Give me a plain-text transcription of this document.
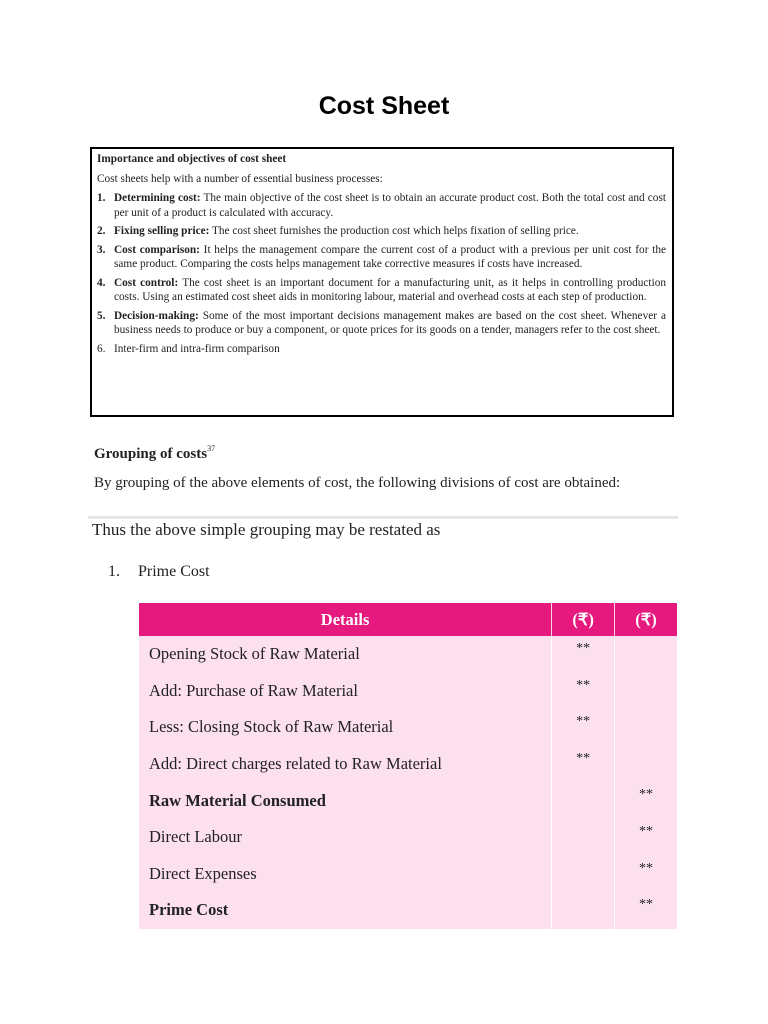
Cost Sheet
Importance and objectives of cost sheet
Cost sheets help with a number of essential business processes:
1. Determining cost: The main objective of the cost sheet is to obtain an accurate product cost. Both the total cost and cost per unit of a product is calculated with accuracy.
2. Fixing selling price: The cost sheet furnishes the production cost which helps fixation of selling price.
3. Cost comparison: It helps the management compare the current cost of a product with a previous per unit cost for the same product. Comparing the costs helps management take corrective measures if costs have increased.
4. Cost control: The cost sheet is an important document for a manufacturing unit, as it helps in controlling production costs. Using an estimated cost sheet aids in monitoring labour, material and overhead costs at each step of production.
5. Decision-making: Some of the most important decisions management makes are based on the cost sheet. Whenever a business needs to produce or buy a component, or quote prices for its goods on a tender, managers refer to the cost sheet.
6. Inter-firm and intra-firm comparison
Grouping of costs$^{37}$
By grouping of the above elements of cost, the following divisions of cost are obtained:
Thus the above simple grouping may be restated as
1. Prime Cost
Details	(₹)	(₹)
Opening Stock of Raw Material	**	
Add: Purchase of Raw Material	**	
Less: Closing Stock of Raw Material	**	
Add: Direct charges related to Raw Material	**	
Raw Material Consumed		**
Direct Labour		**
Direct Expenses		**
Prime Cost		**
